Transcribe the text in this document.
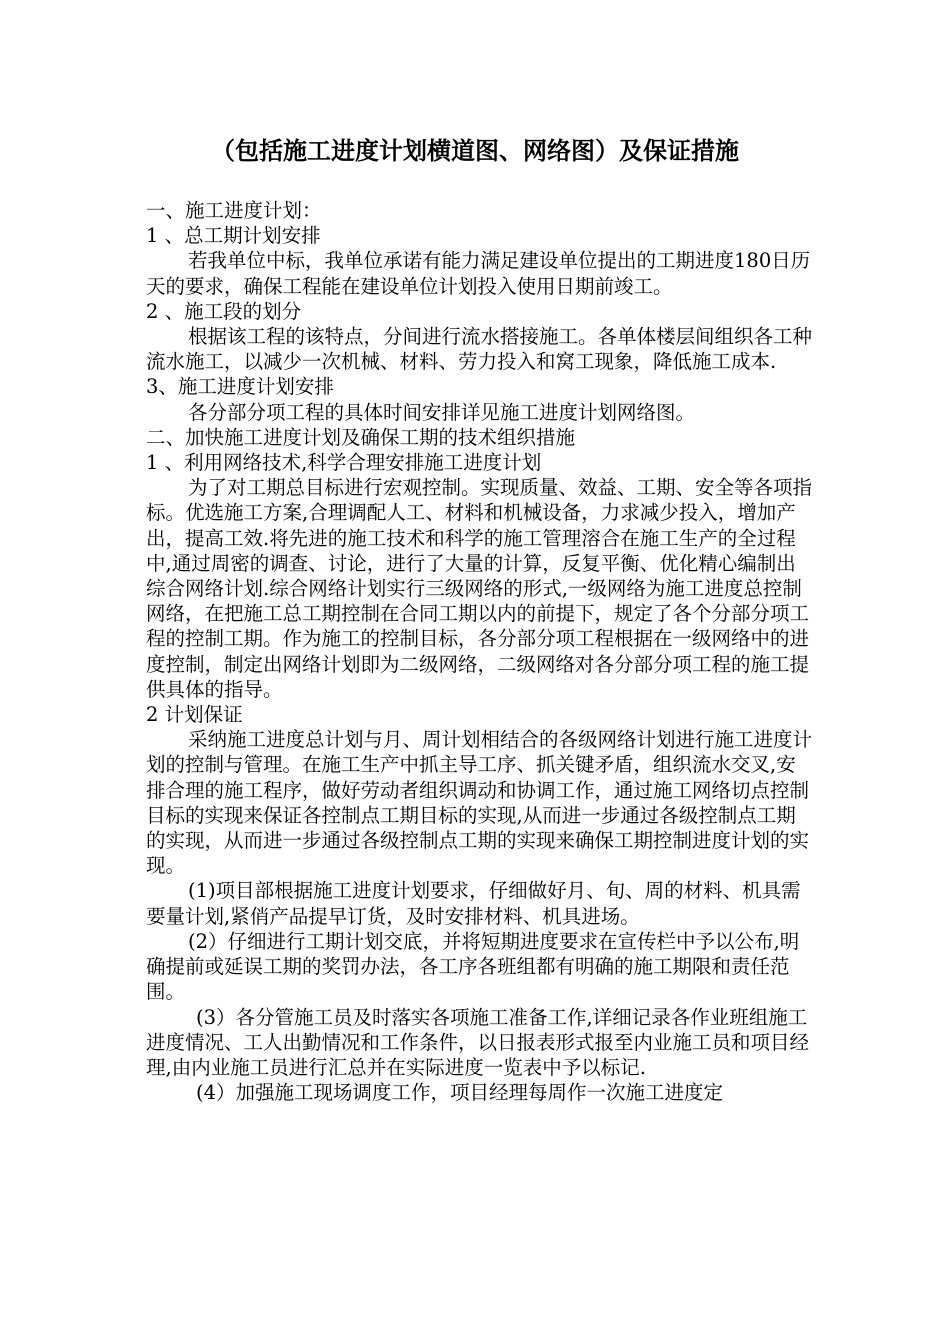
（包括施工进度计划横道图、网络图）及保证措施

一、施工进度计划：

1 、总工期计划安排

若我单位中标，我单位承诺有能力满足建设单位提出的工期进度180日历天的要求，确保工程能在建设单位计划投入使用日期前竣工。

2 、施工段的划分

根据该工程的该特点，分间进行流水搭接施工。各单体楼层间组织各工种流水施工，以减少一次机械、材料、劳力投入和窝工现象，降低施工成本.

3、施工进度计划安排

各分部分项工程的具体时间安排详见施工进度计划网络图。

二、加快施工进度计划及确保工期的技术组织措施

1 、利用网络技术,科学合理安排施工进度计划

为了对工期总目标进行宏观控制。实现质量、效益、工期、安全等各项指标。优选施工方案,合理调配人工、材料和机械设备，力求减少投入，增加产出，提高工效.将先进的施工技术和科学的施工管理溶合在施工生产的全过程中,通过周密的调查、讨论，进行了大量的计算，反复平衡、优化精心编制出综合网络计划.综合网络计划实行三级网络的形式,一级网络为施工进度总控制网络，在把施工总工期控制在合同工期以内的前提下，规定了各个分部分项工程的控制工期。作为施工的控制目标，各分部分项工程根据在一级网络中的进度控制，制定出网络计划即为二级网络，二级网络对各分部分项工程的施工提供具体的指导。

2 计划保证

采纳施工进度总计划与月、周计划相结合的各级网络计划进行施工进度计划的控制与管理。在施工生产中抓主导工序、抓关键矛盾，组织流水交叉,安排合理的施工程序，做好劳动者组织调动和协调工作，通过施工网络切点控制目标的实现来保证各控制点工期目标的实现,从而进一步通过各级控制点工期的实现，从而进一步通过各级控制点工期的实现来确保工期控制进度计划的实现。

(1)项目部根据施工进度计划要求，仔细做好月、旬、周的材料、机具需要量计划,紧俏产品提早订货，及时安排材料、机具进场。

(2）仔细进行工期计划交底，并将短期进度要求在宣传栏中予以公布,明确提前或延误工期的奖罚办法，各工序各班组都有明确的施工期限和责任范围。

(3）各分管施工员及时落实各项施工准备工作,详细记录各作业班组施工进度情况、工人出勤情况和工作条件，以日报表形式报至内业施工员和项目经理,由内业施工员进行汇总并在实际进度一览表中予以标记.

(4）加强施工现场调度工作，项目经理每周作一次施工进度定
